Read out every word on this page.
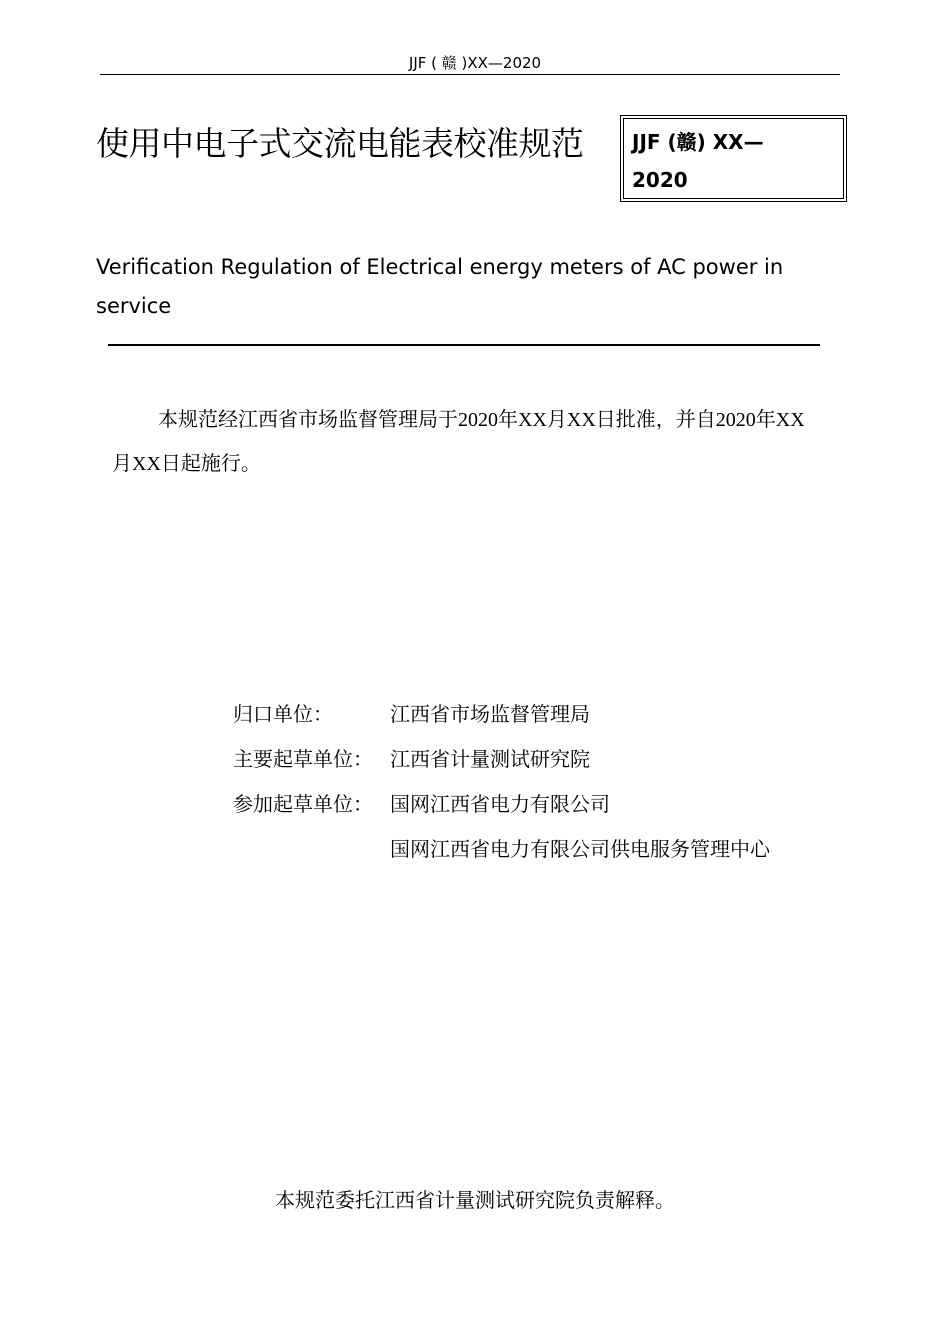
JJF ( 赣 )XX—2020
使用中电子式交流电能表校准规范	JJF (赣) XX—
2020
Verification Regulation of Electrical energy meters of AC power in service
本规范经江西省市场监督管理局于2020年XX月XX日批准，并自2020年XX月XX日起施行。
归口单位：	江西省市场监督管理局
主要起草单位： 江西省计量测试研究院
参加起草单位： 国网江西省电力有限公司
国网江西省电力有限公司供电服务管理中心
本规范委托江西省计量测试研究院负责解释。
